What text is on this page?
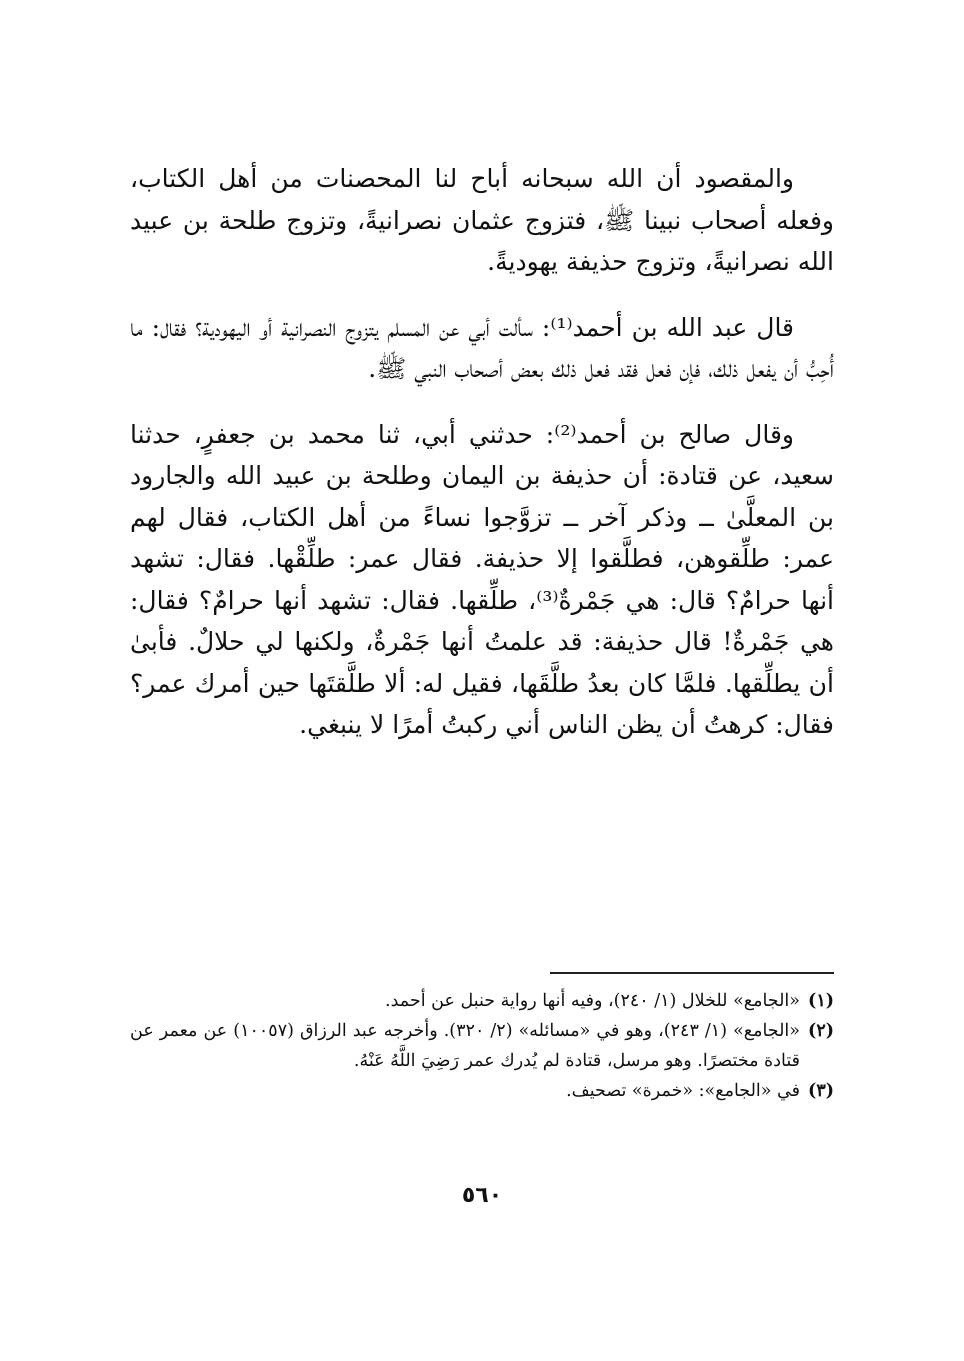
والمقصود أن الله سبحانه أباح لنا المحصنات من أهل الكتاب، وفعله أصحاب نبينا ﷺ، فتزوج عثمان نصرانيةً، وتزوج طلحة بن عبيد الله نصرانيةً، وتزوج حذيفة يهوديةً.

قال عبد الله بن أحمد⁽¹⁾: سألت أبي عن المسلم يتزوج النصرانية أو اليهودية؟ فقال: ما أُحِبُّ أن يفعل ذلك، فإن فعل فقد فعل ذلك بعض أصحاب النبي ﷺ.

وقال صالح بن أحمد⁽²⁾: حدثني أبي، ثنا محمد بن جعفرٍ، حدثنا سعيد، عن قتادة: أن حذيفة بن اليمان وطلحة بن عبيد الله والجارود بن المعلَّىٰ ــ وذكر آخر ــ تزوَّجوا نساءً من أهل الكتاب، فقال لهم عمر: طلِّقوهن، فطلَّقوا إلا حذيفة. فقال عمر: طلِّقْها. فقال: تشهد أنها حرامٌ؟ قال: هي جَمْرةٌ⁽³⁾، طلِّقها. فقال: تشهد أنها حرامٌ؟ فقال: هي جَمْرةٌ! قال حذيفة: قد علمتُ أنها جَمْرةٌ، ولكنها لي حلالٌ. فأبىٰ أن يطلِّقها. فلمَّا كان بعدُ طلَّقَها، فقيل له: ألا طلَّقتَها حين أمرك عمر؟ فقال: كرهتُ أن يظن الناس أني ركبتُ أمرًا لا ينبغي.

(١)
«الجامع» للخلال (١/ ٢٤٠)، وفيه أنها رواية حنبل عن أحمد.
(٢)
«الجامع» (١/ ٢٤٣)، وهو في «مسائله» (٢/ ٣٢٠). وأخرجه عبد الرزاق (١٠٠٥٧) عن معمر عن قتادة مختصرًا. وهو مرسل، قتادة لم يُدرك عمر رَضِيَ اللَّهُ عَنْهُ.
(٣)
في «الجامع»: «خمرة» تصحيف.
٥٦٠
